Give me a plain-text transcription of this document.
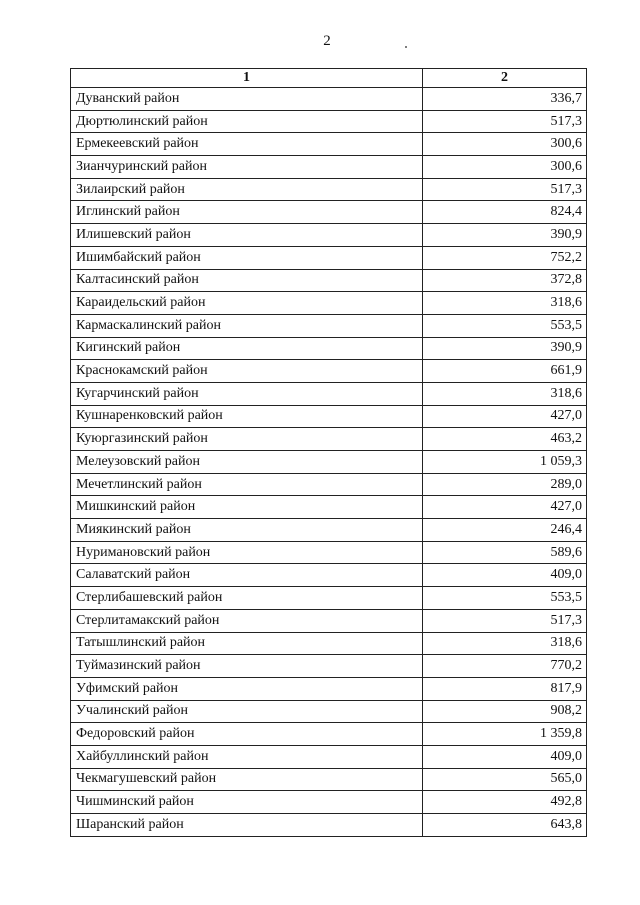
2
1	2
Дуванский район	336,7
Дюртюлинский район	517,3
Ермекеевский район	300,6
Зианчуринский район	300,6
Зилаирский район	517,3
Иглинский район	824,4
Илишевский район	390,9
Ишимбайский район	752,2
Калтасинский район	372,8
Караидельский район	318,6
Кармаскалинский район	553,5
Кигинский район	390,9
Краснокамский район	661,9
Кугарчинский район	318,6
Кушнаренковский район	427,0
Куюргазинский район	463,2
Мелеузовский район	1 059,3
Мечетлинский район	289,0
Мишкинский район	427,0
Миякинский район	246,4
Нуримановский район	589,6
Салаватский район	409,0
Стерлибашевский район	553,5
Стерлитамакский район	517,3
Татышлинский район	318,6
Туймазинский район	770,2
Уфимский район	817,9
Учалинский район	908,2
Федоровский район	1 359,8
Хайбуллинский район	409,0
Чекмагушевский район	565,0
Чишминский район	492,8
Шаранский район	643,8
